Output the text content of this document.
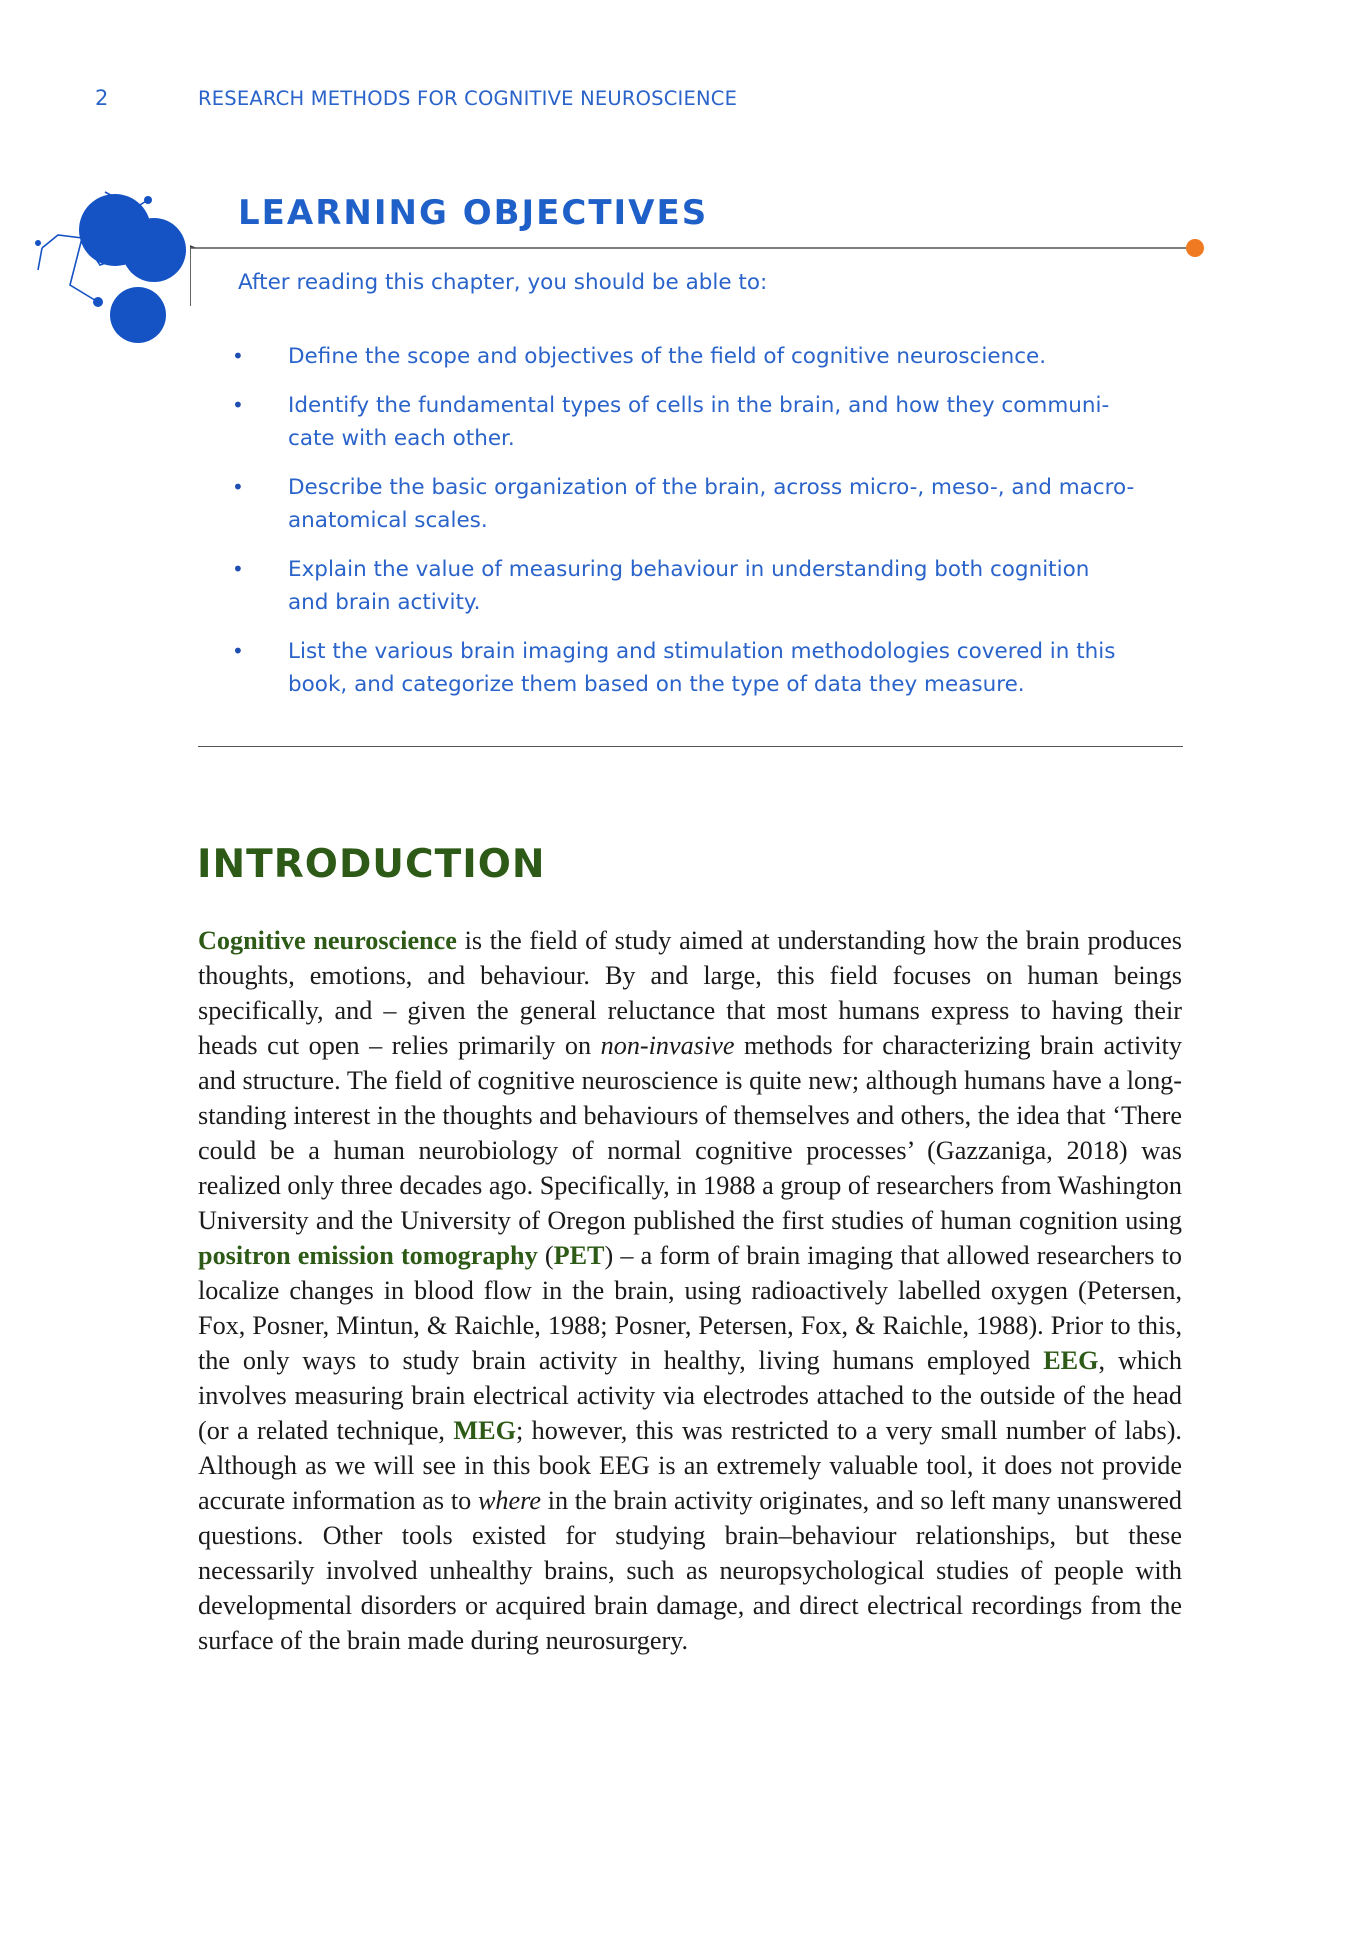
2	RESEARCH METHODS FOR COGNITIVE NEUROSCIENCE
LEARNING OBJECTIVES
After reading this chapter, you should be able to:
• Define the scope and objectives of the field of cognitive neuroscience.
• Identify the fundamental types of cells in the brain, and how they communi-
cate with each other.
• Describe the basic organization of the brain, across micro-, meso-, and macro-
anatomical scales.
• Explain the value of measuring behaviour in understanding both cognition
and brain activity.
• List the various brain imaging and stimulation methodologies covered in this
book, and categorize them based on the type of data they measure.
INTRODUCTION

Cognitive neuroscience is the field of study aimed at understanding how the brain produces thoughts, emotions, and behaviour. By and large, this field focuses on human beings specifically, and – given the general reluctance that most humans express to having their heads cut open – relies primarily on non-invasive methods for characterizing brain activity and structure. The field of cognitive neuroscience is quite new; although humans have a long-standing interest in the thoughts and behaviours of themselves and others, the idea that ‘There could be a human neurobiology of normal cognitive processes’ (Gazzaniga, 2018) was realized only three decades ago. Specifically, in 1988 a group of researchers from Washington University and the University of Oregon published the first studies of human cognition using positron emission tomography (PET) – a form of brain imaging that allowed researchers to localize changes in blood flow in the brain, using radioactively labelled oxygen (Petersen, Fox, Posner, Mintun, & Raichle, 1988; Posner, Petersen, Fox, & Raichle, 1988). Prior to this, the only ways to study brain activity in healthy, living humans employed EEG, which involves measuring brain electrical activity via electrodes attached to the outside of the head (or a related technique, MEG; however, this was restricted to a very small number of labs). Although as we will see in this book EEG is an extremely valuable tool, it does not provide accurate information as to where in the brain activity originates, and so left many unanswered questions. Other tools existed for studying brain–behaviour relationships, but these necessarily involved unhealthy brains, such as neuropsychological studies of people with developmental disorders or acquired brain damage, and direct electrical recordings from the surface of the brain made during neurosurgery.
